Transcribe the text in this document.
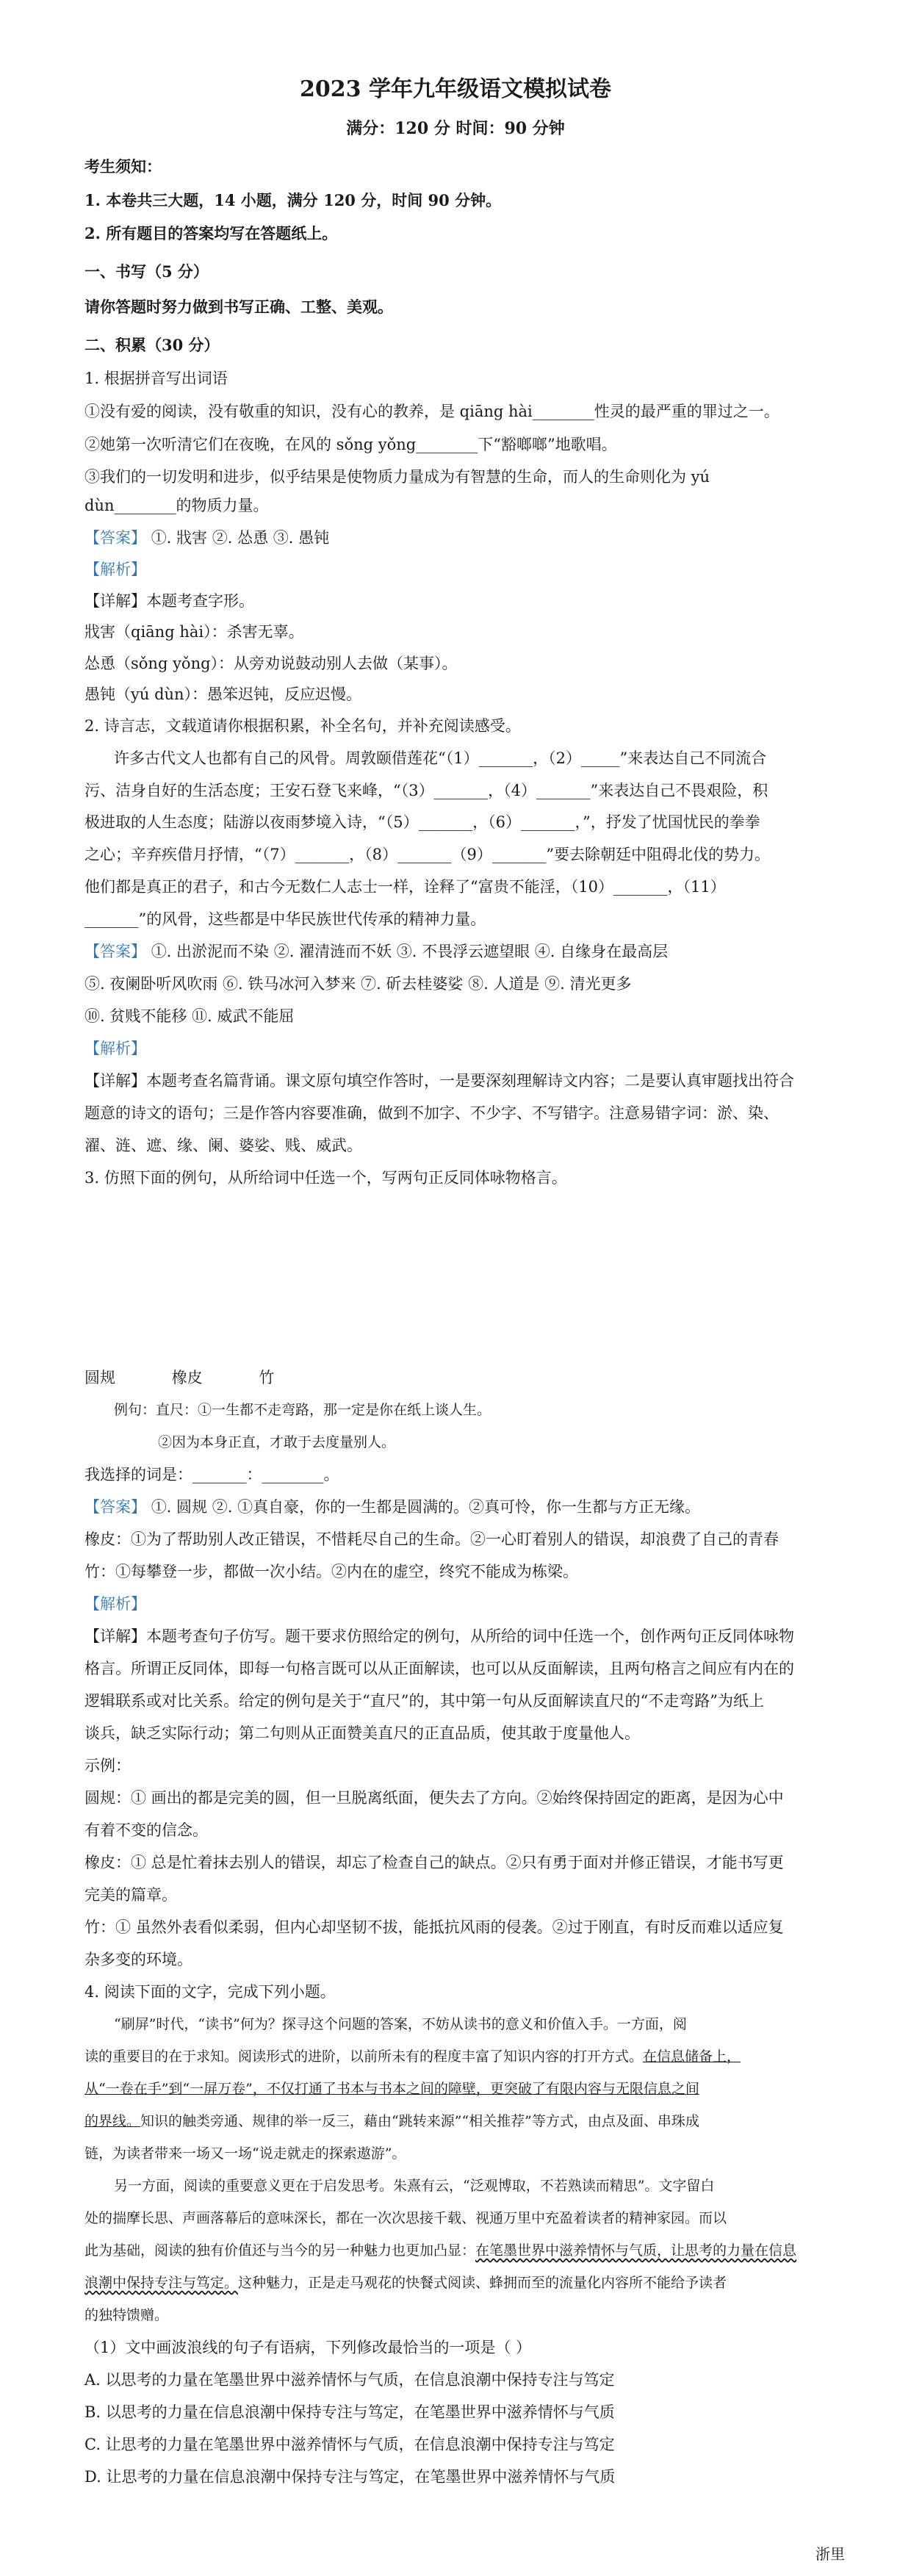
2023 学年九年级语文模拟试卷
满分：120 分 时间：90 分钟
考生须知：
1. 本卷共三大题，14 小题，满分 120 分，时间 90 分钟。
2. 所有题目的答案均写在答题纸上。
一、书写（5 分）
请你答题时努力做到书写正确、工整、美观。
二、积累（30 分）
1. 根据拼音写出词语
①没有爱的阅读，没有敬重的知识，没有心的教养，是 qiāng hài________性灵的最严重的罪过之一。
②她第一次听清它们在夜晚，在风的 sǒng yǒng________下“豁啷啷”地歌唱。
③我们的一切发明和进步，似乎结果是使物质力量成为有智慧的生命，而人的生命则化为 yú
dùn________的物质力量。
【答案】 ①. 戕害 ②. 怂恿 ③. 愚钝
【解析】
【详解】本题考查字形。
戕害（qiāng hài）：杀害无辜。
怂恿（sǒng yǒng）：从旁劝说鼓动别人去做（某事）。
愚钝（yú dùn）：愚笨迟钝，反应迟慢。
2. 诗言志，文载道请你根据积累，补全名句，并补充阅读感受。
许多古代文人也都有自己的风骨。周敦颐借莲花“（1）_______，（2）_____”来表达自己不同流合
污、洁身自好的生活态度；王安石登飞来峰，“（3）_______，（4）_______”来表达自己不畏艰险，积
极进取的人生态度；陆游以夜雨梦境入诗，“（5）_______，（6）_______，”，抒发了忧国忧民的拳拳
之心；辛弃疾借月抒情，“（7）_______，（8）_______（9）_______”要去除朝廷中阻碍北伐的势力。
他们都是真正的君子，和古今无数仁人志士一样，诠释了“富贵不能淫，（10）_______，（11）
_______”的风骨，这些都是中华民族世代传承的精神力量。
【答案】 ①. 出淤泥而不染 ②. 濯清涟而不妖 ③. 不畏浮云遮望眼 ④. 自缘身在最高层
⑤. 夜阑卧听风吹雨 ⑥. 铁马冰河入梦来 ⑦. 斫去桂婆娑 ⑧. 人道是 ⑨. 清光更多
⑩. 贫贱不能移 ⑪. 威武不能屈
【解析】
【详解】本题考查名篇背诵。课文原句填空作答时，一是要深刻理解诗文内容；二是要认真审题找出符合
题意的诗文的语句；三是作答内容要准确，做到不加字、不少字、不写错字。注意易错字词：淤、染、
濯、涟、遮、缘、阑、婆娑、贱、威武。
3. 仿照下面的例句，从所给词中任选一个，写两句正反同体咏物格言。
圆规	橡皮	竹
例句：直尺：①一生都不走弯路，那一定是你在纸上谈人生。
②因为本身正直，才敢于去度量别人。
我选择的词是：_______：________。
【答案】 ①. 圆规 ②. ①真自豪，你的一生都是圆满的。②真可怜，你一生都与方正无缘。
橡皮：①为了帮助别人改正错误，不惜耗尽自己的生命。②一心盯着别人的错误，却浪费了自己的青春
竹：①每攀登一步，都做一次小结。②内在的虚空，终究不能成为栋梁。
【解析】
【详解】本题考查句子仿写。题干要求仿照给定的例句，从所给的词中任选一个，创作两句正反同体咏物
格言。所谓正反同体，即每一句格言既可以从正面解读，也可以从反面解读，且两句格言之间应有内在的
逻辑联系或对比关系。给定的例句是关于“直尺”的，其中第一句从反面解读直尺的“不走弯路”为纸上
谈兵，缺乏实际行动；第二句则从正面赞美直尺的正直品质，使其敢于度量他人。
示例：
圆规：① 画出的都是完美的圆，但一旦脱离纸面，便失去了方向。②始终保持固定的距离，是因为心中
有着不变的信念。
橡皮：① 总是忙着抹去别人的错误，却忘了检查自己的缺点。②只有勇于面对并修正错误，才能书写更
完美的篇章。
竹：① 虽然外表看似柔弱，但内心却坚韧不拔，能抵抗风雨的侵袭。②过于刚直，有时反而难以适应复
杂多变的环境。
4. 阅读下面的文字，完成下列小题。
“刷屏”时代，“读书”何为？探寻这个问题的答案，不妨从读书的意义和价值入手。一方面，阅
读的重要目的在于求知。阅读形式的进阶，以前所未有的程度丰富了知识内容的打开方式。在信息储备上，
从“一卷在手”到“一屏万卷”，不仅打通了书本与书本之间的障壁，更突破了有限内容与无限信息之间
的界线。知识的触类旁通、规律的举一反三，藉由“跳转来源”“相关推荐”等方式，由点及面、串珠成
链，为读者带来一场又一场“说走就走的探索遨游”。
另一方面，阅读的重要意义更在于启发思考。朱熹有云，“泛观博取，不若熟读而精思”。文字留白
处的揣摩长思、声画落幕后的意味深长，都在一次次思接千载、视通万里中充盈着读者的精神家园。而以
此为基础，阅读的独有价值还与当今的另一种魅力也更加凸显：在笔墨世界中滋养情怀与气质，让思考的力量在信息
浪潮中保持专注与笃定。这种魅力，正是走马观花的快餐式阅读、蜂拥而至的流量化内容所不能给予读者
的独特馈赠。
（1）文中画波浪线的句子有语病，下列修改最恰当的一项是（ ）
A. 以思考的力量在笔墨世界中滋养情怀与气质，在信息浪潮中保持专注与笃定
B. 以思考的力量在信息浪潮中保持专注与笃定，在笔墨世界中滋养情怀与气质
C. 让思考的力量在笔墨世界中滋养情怀与气质，在信息浪潮中保持专注与笃定
D. 让思考的力量在信息浪潮中保持专注与笃定，在笔墨世界中滋养情怀与气质
浙里
